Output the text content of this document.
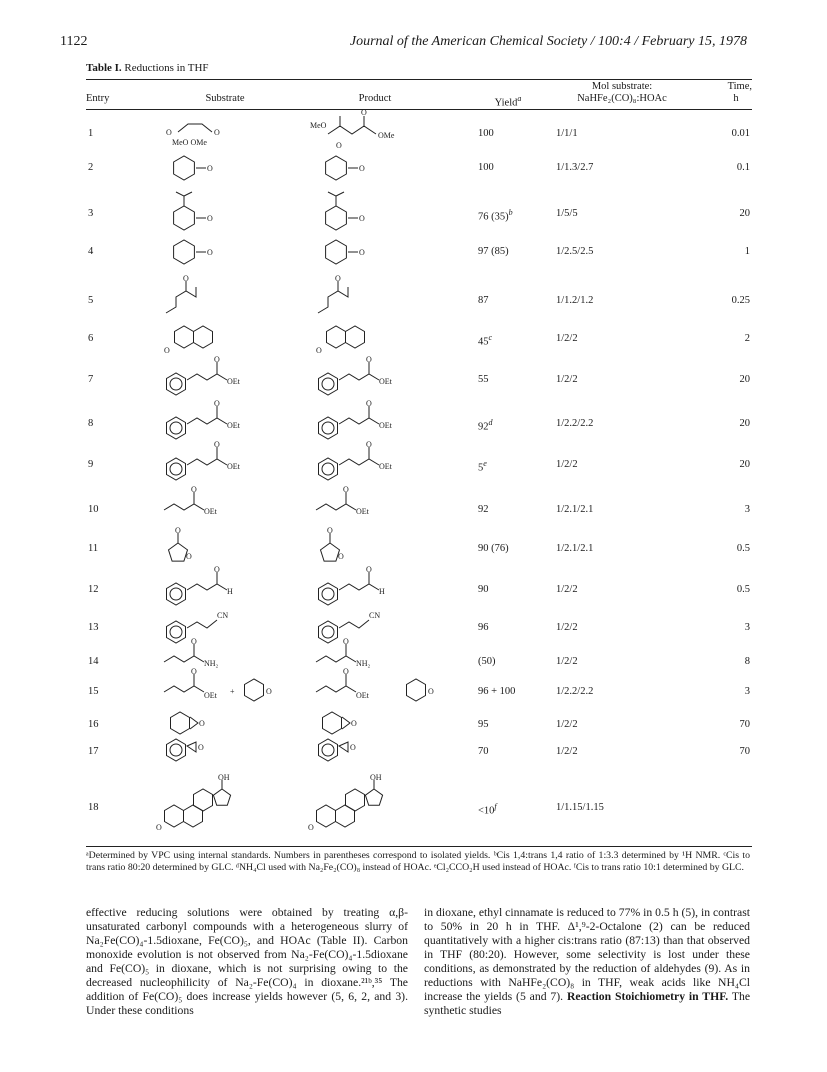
1122	Journal of the American Chemical Society / 100:4 / February 15, 1978
Table I. Reductions in THF
Entry	Substrate	Product	Yield$^a$
Mol substrate:
NaHFe₂(CO)₈:HOAc
Time,
h
1	100	1/1/1	0.01
O
MeO OMe
O
MeO
O
OMe
O
2	100	1/1.3/2.7	0.1
O	O
3	76 $(35)^b$	1/5/5	20
O	O
4	97 (85)	1/2.5/2.5	1
O	O
5	87	1/1.2/1.2	0.25
O	O
6	45$^c$	1/2/2	2
O	O
7	55	1/2/2	20
O
OEt
O
OEt
8	92$^d$	1/2.2/2.2	20
O
OEt
O
OEt
9	5e	1/2/2	20
O
OEt
O
OEt
10	92	1/2.1/2.1	3
O
OEt
O
OEt
11	90 (76)	1/2.1/2.1	0.5
O
O
O
O
12	90	1/2/2	0.5
O
H
O
H
13	96	1/2/2	3
CN	CN
14	(50)	1/2/2	8
O
NH₂
O
NH₂
15	96 + 100	1/2.2/2.2	3
O
OEt +	O
O
OEt	O
16	95	1/2/2	70
O	O
17	70	1/2/2	70
O	O
18	$<10^f$	1/1.15/1.15
OH
O
OH
O
ᵃDetermined by VPC using internal standards. Numbers in parentheses correspond to isolated yields. ᵇCis 1,4:trans 1,4 ratio of 1:3.3 determined by ¹H NMR. ᶜCis to trans ratio 80:20 determined by GLC. ᵈNH₄Cl used with Na₂Fe₂(CO)₈ instead of HOAc. ᵉCl₂CCO₂H used instead of HOAc. ᶠCis to trans ratio 10:1 determined by GLC.
effective reducing solutions were obtained by treating α,β-unsaturated carbonyl compounds with a heterogeneous slurry of Na₂Fe(CO)₄-1.5dioxane, Fe(CO)₅, and HOAc (Table II). Carbon monoxide evolution is not observed from Na₂-Fe(CO)₄-1.5dioxane and Fe(CO)₅ in dioxane, which is not surprising owing to the decreased nucleophilicity of Na₂-Fe(CO)₄ in dioxane.²¹ᵇ,³⁵ The addition of Fe(CO)₅ does increase yields however (5, 6, 2, and 3). Under these conditions
in dioxane, ethyl cinnamate is reduced to 77% in 0.5 h (5), in contrast to 50% in 20 h in THF. Δ¹,⁹-2-Octalone (2) can be reduced quantitatively with a higher cis:trans ratio (87:13) than that observed in THF (80:20). However, some selectivity is lost under these conditions, as demonstrated by the reduction of aldehydes (9). As in reductions with NaHFe₂(CO)₈ in THF, weak acids like NH₄Cl increase the yields (5 and 7). Reaction Stoichiometry in THF. The synthetic studies
